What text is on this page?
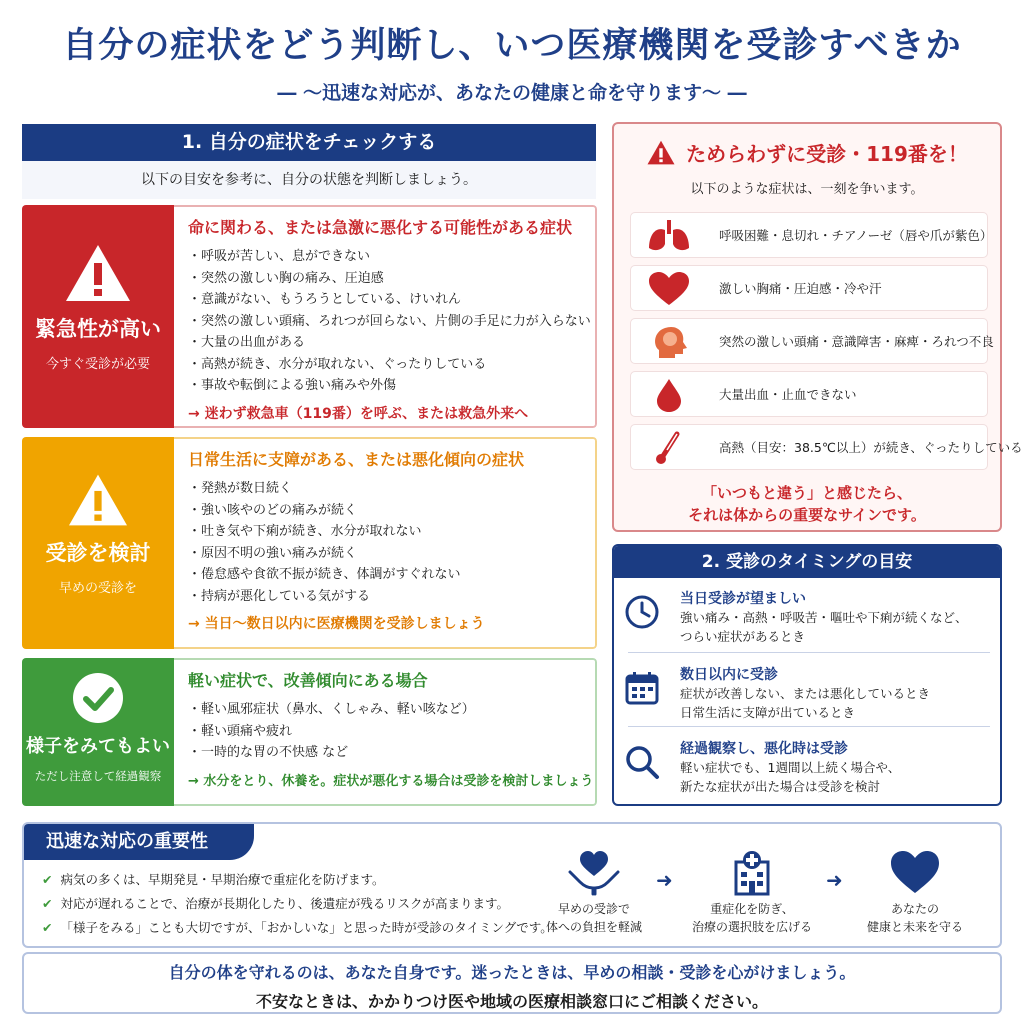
自分の症状をどう判断し、いつ医療機関を受診すべきか
― ～迅速な対応が、あなたの健康と命を守ります～ ―
1. 自分の症状をチェックする
以下の目安を参考に、自分の状態を判断しましょう。
緊急性が高い
今すぐ受診が必要
命に関わる、または急激に悪化する可能性がある症状
・呼吸が苦しい、息ができない
・突然の激しい胸の痛み、圧迫感
・意識がない、もうろうとしている、けいれん
・突然の激しい頭痛、ろれつが回らない、片側の手足に力が入らない
・大量の出血がある
・高熱が続き、水分が取れない、ぐったりしている
・事故や転倒による強い痛みや外傷
→ 迷わず救急車（119番）を呼ぶ、または救急外来へ
受診を検討
早めの受診を
日常生活に支障がある、または悪化傾向の症状
・発熱が数日続く
・強い咳やのどの痛みが続く
・吐き気や下痢が続き、水分が取れない
・原因不明の強い痛みが続く
・倦怠感や食欲不振が続き、体調がすぐれない
・持病が悪化している気がする
→ 当日～数日以内に医療機関を受診しましょう
様子をみてもよい
ただし注意して経過観察
軽い症状で、改善傾向にある場合
・軽い風邪症状（鼻水、くしゃみ、軽い咳など）
・軽い頭痛や疲れ
・一時的な胃の不快感 など
→ 水分をとり、休養を。症状が悪化する場合は受診を検討しましょう
ためらわずに受診・119番を！
以下のような症状は、一刻を争います。
呼吸困難・息切れ・チアノーゼ（唇や爪が紫色）
激しい胸痛・圧迫感・冷や汗
突然の激しい頭痛・意識障害・麻痺・ろれつ不良
大量出血・止血できない
高熱（目安：38.5℃以上）が続き、ぐったりしている
「いつもと違う」と感じたら、
それは体からの重要なサインです。
2. 受診のタイミングの目安
当日受診が望ましい
強い痛み・高熱・呼吸苦・嘔吐や下痢が続くなど、
つらい症状があるとき
数日以内に受診
症状が改善しない、または悪化しているとき
日常生活に支障が出ているとき
経過観察し、悪化時は受診
軽い症状でも、1週間以上続く場合や、
新たな症状が出た場合は受診を検討
迅速な対応の重要性
✔ 病気の多くは、早期発見・早期治療で重症化を防げます。
✔ 対応が遅れることで、治療が長期化したり、後遺症が残るリスクが高まります。
✔ 「様子をみる」ことも大切ですが、「おかしいな」と思った時が受診のタイミングです。
早めの受診で
体への負担を軽減
➜
重症化を防ぎ、
治療の選択肢を広げる
➜
あなたの
健康と未来を守る
自分の体を守れるのは、あなた自身です。迷ったときは、早めの相談・受診を心がけましょう。
不安なときは、かかりつけ医や地域の医療相談窓口にご相談ください。
